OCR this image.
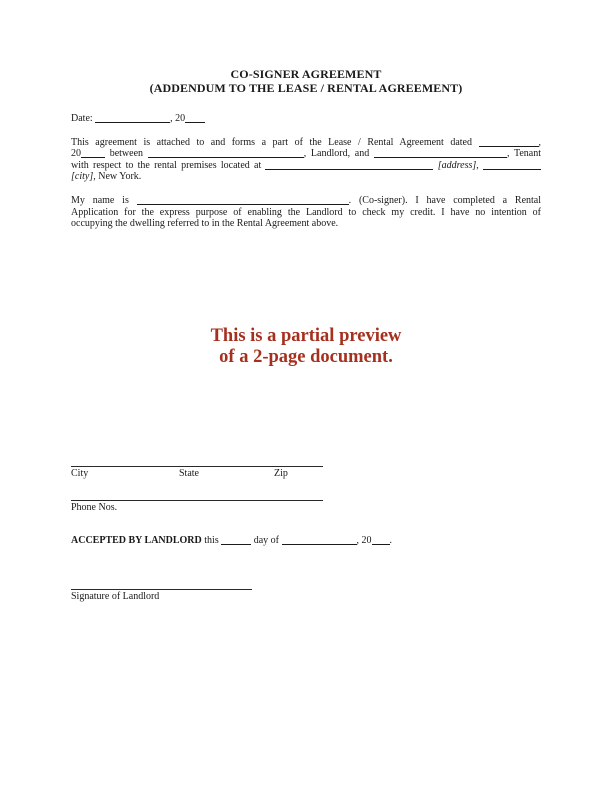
CO-SIGNER AGREEMENT
(ADDENDUM TO THE LEASE / RENTAL AGREEMENT)
Date:	, 20
This agreement is attached to and forms a part of the Lease / Rental Agreement dated	,
20	between	, Landlord, and	, Tenant
with respect to the rental premises located at	[address],
[city], New York.
My name is	. (Co-signer). I have completed a Rental
Application for the express purpose of enabling the Landlord to check my credit. I have no intention of
occupying the dwelling referred to in the Rental Agreement above.
This is a partial preview
of a 2-page document.
City	State	Zip
Phone Nos.
ACCEPTED BY LANDLORD this	day of	, 20 .
Signature of Landlord
